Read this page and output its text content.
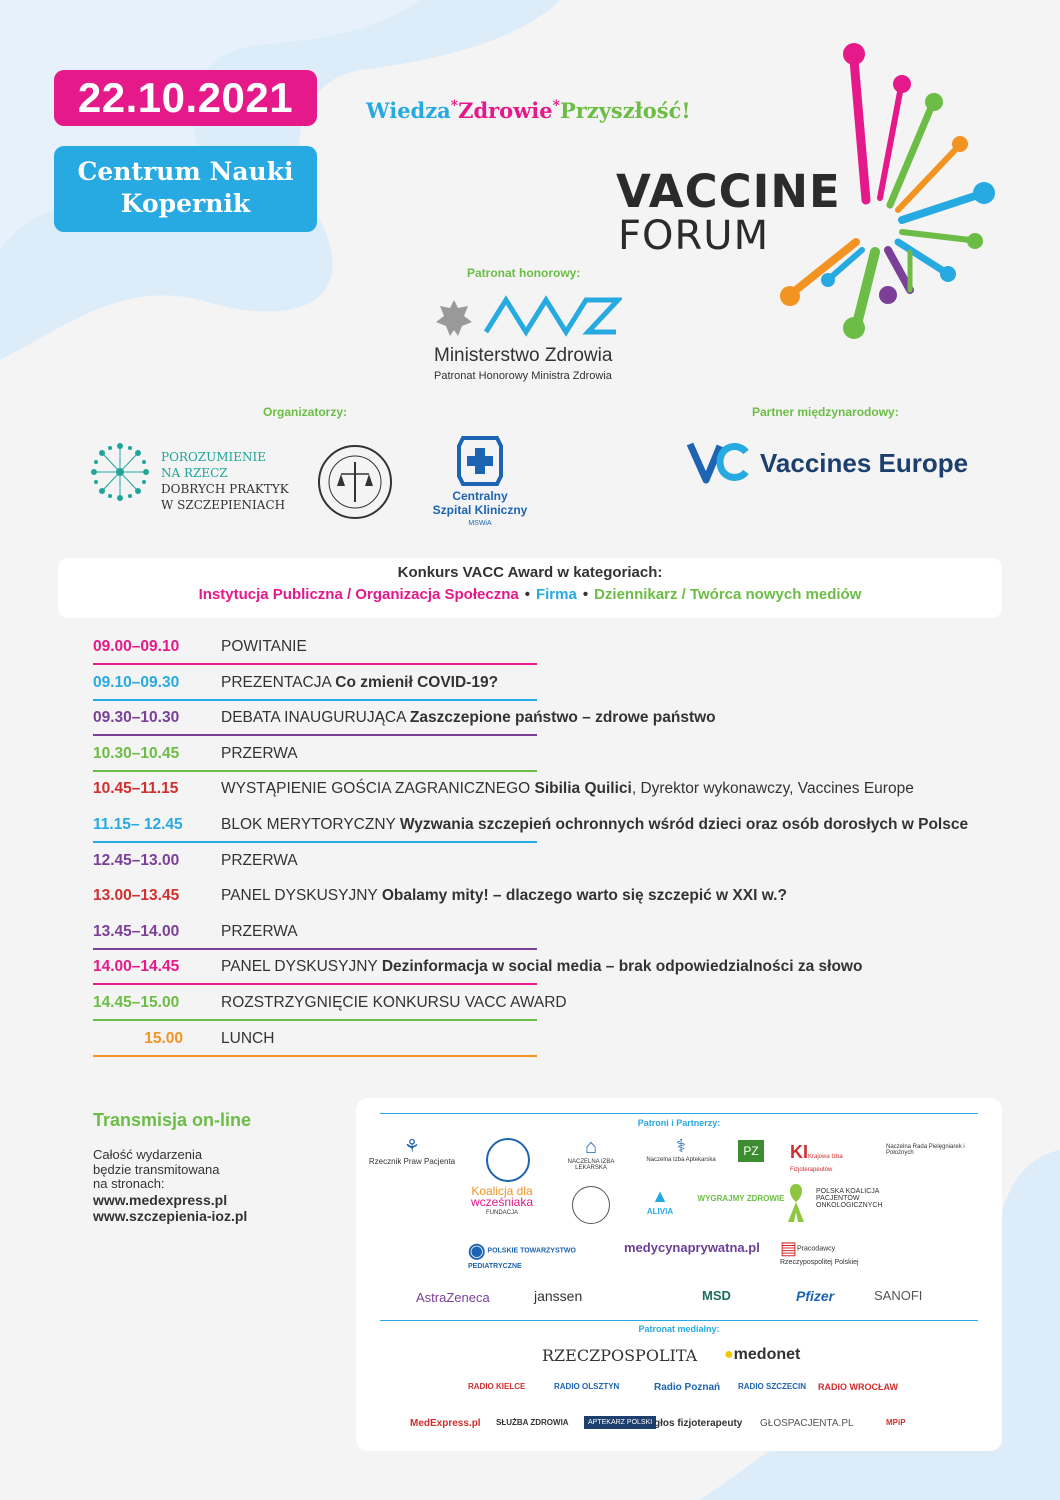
22.10.2021
Centrum Nauki
Kopernik
Wiedza*Zdrowie*Przyszłość!
VACCINE
FORUM
Patronat honorowy:
Ministerstwo Zdrowia
Patronat Honorowy Ministra Zdrowia
Organizatorzy:
POROZUMIENIE
NA RZECZ
DOBRYCH PRAKTYK
W SZCZEPIENIACH
Centralny
Szpital Kliniczny
MSWiA
Partner międzynarodowy:
Vaccines Europe
Konkurs VACC Award w kategoriach:
Instytucja Publiczna / Organizacja Społeczna • Firma • Dziennikarz / Twórca nowych mediów
09.00–09.10	POWITANIE
09.10–09.30	PREZENTACJA Co zmienił COVID-19?
09.30–10.30	DEBATA INAUGURUJĄCA Zaszczepione państwo – zdrowe państwo
10.30–10.45	PRZERWA
10.45–11.15	WYSTĄPIENIE GOŚCIA ZAGRANICZNEGO Sibilia Quilici, Dyrektor wykonawczy, Vaccines Europe
11.15– 12.45	BLOK MERYTORYCZNY Wyzwania szczepień ochronnych wśród dzieci oraz osób dorosłych w Polsce
12.45–13.00	PRZERWA
13.00–13.45	PANEL DYSKUSYJNY Obalamy mity! – dlaczego warto się szczepić w XXI w.?
13.45–14.00	PRZERWA
14.00–14.45	PANEL DYSKUSYJNY Dezinformacja w social media – brak odpowiedzialności za słowo
14.45–15.00	ROZSTRZYGNIĘCIE KONKURSU VACC AWARD
15.00 LUNCH
Transmisja on-line
Całość wydarzenia
będzie transmitowana
na stronach:
www.medexpress.pl
www.szczepienia-ioz.pl
Patroni i Partnerzy:
⚘
Rzecznik Praw Pacjenta
⌂
NACZELNA IZBA LEKARSKA
⚕
Naczelna Izba Aptekarska
PZ KIKrajowa Izba Fizjoterapeutów
Naczelna Rada Pielęgniarek i Położnych
Koalicja dla
wcześniaka
FUNDACJA
▲
ALIVIA
WYGRAJMY ZDROWIE
POLSKA KOALICJA PACJENTÓW ONKOLOGICZNYCH
◉ POLSKIE TOWARZYSTWO PEDIATRYCZNE
medycynaprywatna.pl ▤Pracodawcy Rzeczypospolitej Polskiej
AstraZeneca	janssen	MSD	Pfizer	SANOFI
Patronat medialny:
RZECZPOSPOLITA ●medonet
RADIO KIELCE	RADIO OLSZTYN	Radio Poznań RADIO SZCZECIN RADIO WROCŁAW
MedExpress.pl SŁUŻBA ZDROWIA	APTEKARZ POLSKI głos fizjoterapeuty GŁOSPACJENTA.PL	MPiP
